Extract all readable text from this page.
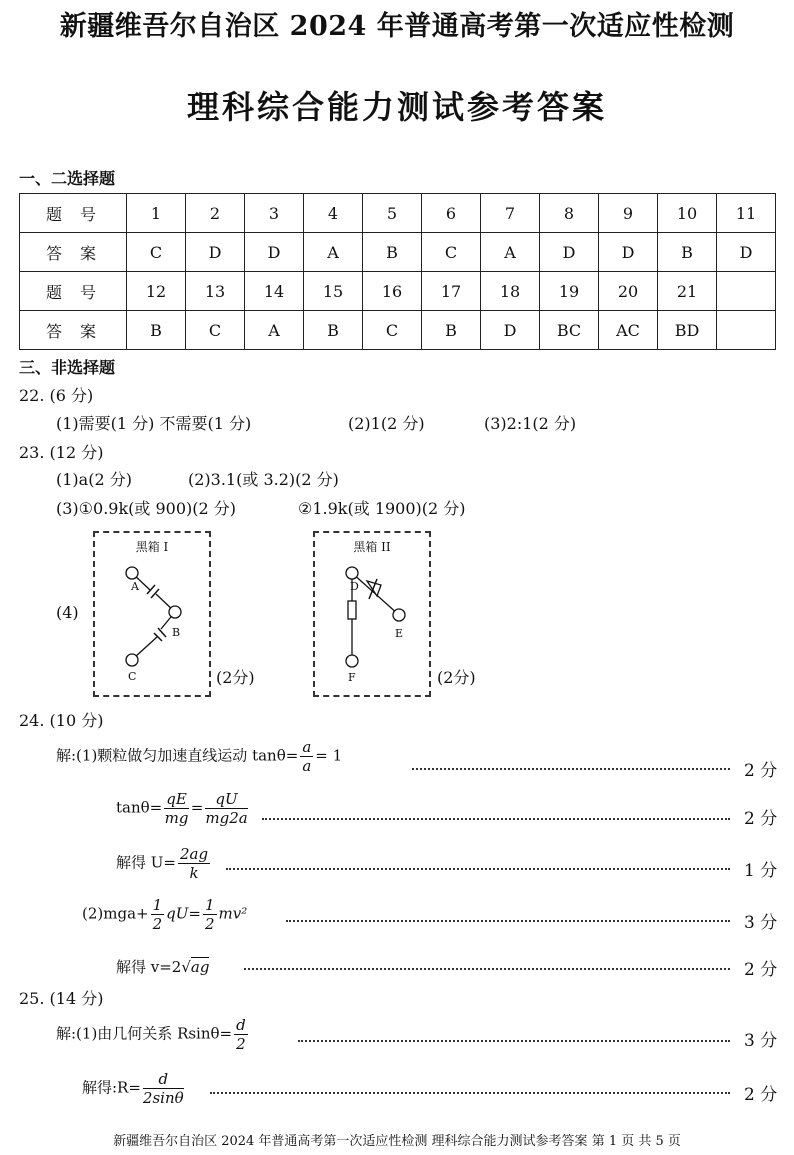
新疆维吾尔自治区 2024 年普通高考第一次适应性检测
理科综合能力测试参考答案
一、二选择题
题号	1	2	3	4	5	6	7	8	9	10	11
答案	C	D	D	A	B	C	A	D	D	B	D
题号	12	13	14	15	16	17	18	19	20	21	
答案	B	C	A	B	C	B	D	BC	AC	BD	
三、非选择题
22. (6 分)
(1)需要(1 分) 不需要(1 分)	(2)1(2 分)	(3)2:1(2 分)
23. (12 分)
(1)a(2 分)	(2)3.1(或 3.2)(2 分)
(3)①0.9k(或 900)(2 分)	②1.9k(或 1900)(2 分)
(4)
黑箱 I
A
B
C	(2分)
黑箱 II
D
E
F	(2分)
24. (10 分)
解:(1)颗粒做匀加速直线运动 $\tan\theta= \frac{a}{a} = 1$
2 分
$\tan\theta= \frac{qE}{mg} = \frac{qU}{mg2a}$	2 分
解得 $U= \frac{2ag}{k}$	1 分
$(2)mga+ \frac{1}{2} qU= \frac{1}{2} mv^2$	3 分
解得 v=2√ag	2 分
25. (14 分)
解:(1)由几何关系 $Rsin\theta= \frac{d}{2}$	3 分
解得:R= $\frac{d}{2\sin\theta}$	2 分
新疆维吾尔自治区 2024 年普通高考第一次适应性检测 理科综合能力测试参考答案 第 1 页 共 5 页
